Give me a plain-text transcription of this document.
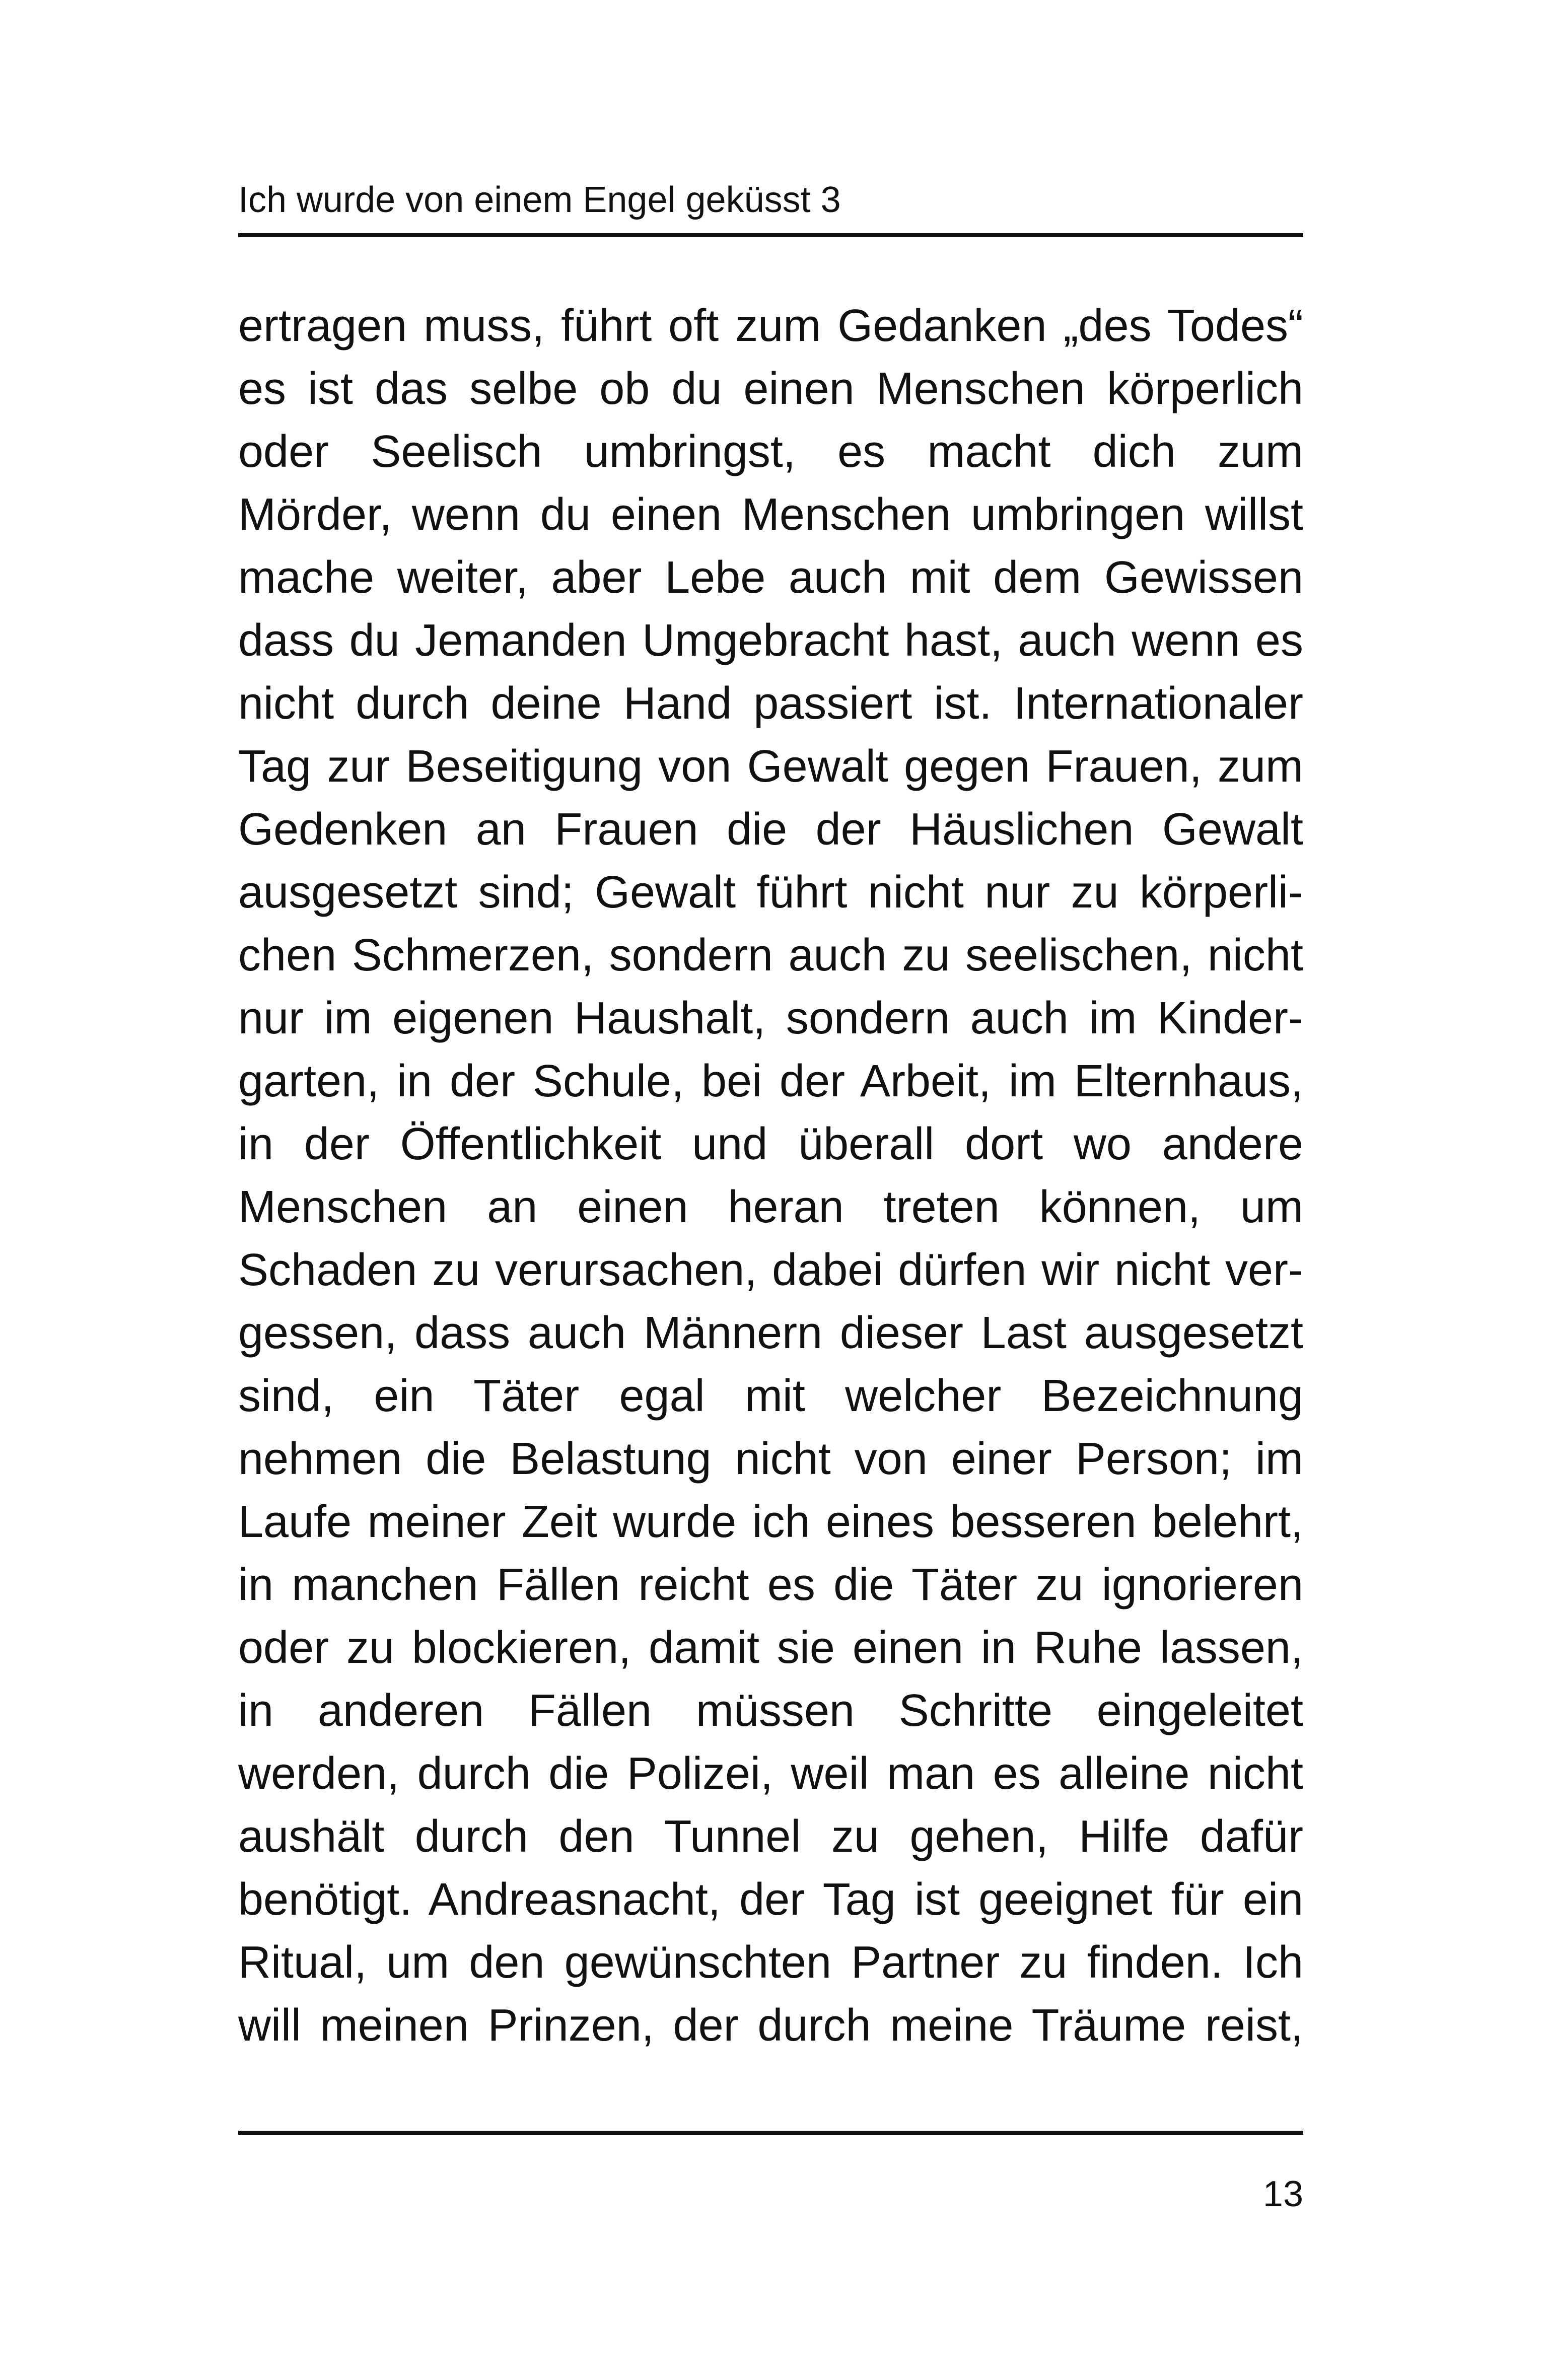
Ich wurde von einem Engel geküsst 3
ertragen muss, führt oft zum Gedanken „des Todes“
es ist das selbe ob du einen Menschen körperlich
oder Seelisch umbringst, es macht dich zum
Mörder, wenn du einen Menschen umbringen willst
mache weiter, aber Lebe auch mit dem Gewissen
dass du Jemanden Umgebracht hast, auch wenn es
nicht durch deine Hand passiert ist. Internationaler
Tag zur Beseitigung von Gewalt gegen Frauen, zum
Gedenken an Frauen die der Häuslichen Gewalt
ausgesetzt sind; Gewalt führt nicht nur zu körperli-
chen Schmerzen, sondern auch zu seelischen, nicht
nur im eigenen Haushalt, sondern auch im Kinder-
garten, in der Schule, bei der Arbeit, im Elternhaus,
in der Öffentlichkeit und überall dort wo andere
Menschen an einen heran treten können, um
Schaden zu verursachen, dabei dürfen wir nicht ver-
gessen, dass auch Männern dieser Last ausgesetzt
sind, ein Täter egal mit welcher Bezeichnung
nehmen die Belastung nicht von einer Person; im
Laufe meiner Zeit wurde ich eines besseren belehrt,
in manchen Fällen reicht es die Täter zu ignorieren
oder zu blockieren, damit sie einen in Ruhe lassen,
in anderen Fällen müssen Schritte eingeleitet
werden, durch die Polizei, weil man es alleine nicht
aushält durch den Tunnel zu gehen, Hilfe dafür
benötigt. Andreasnacht, der Tag ist geeignet für ein
Ritual, um den gewünschten Partner zu finden. Ich
will meinen Prinzen, der durch meine Träume reist,
13
